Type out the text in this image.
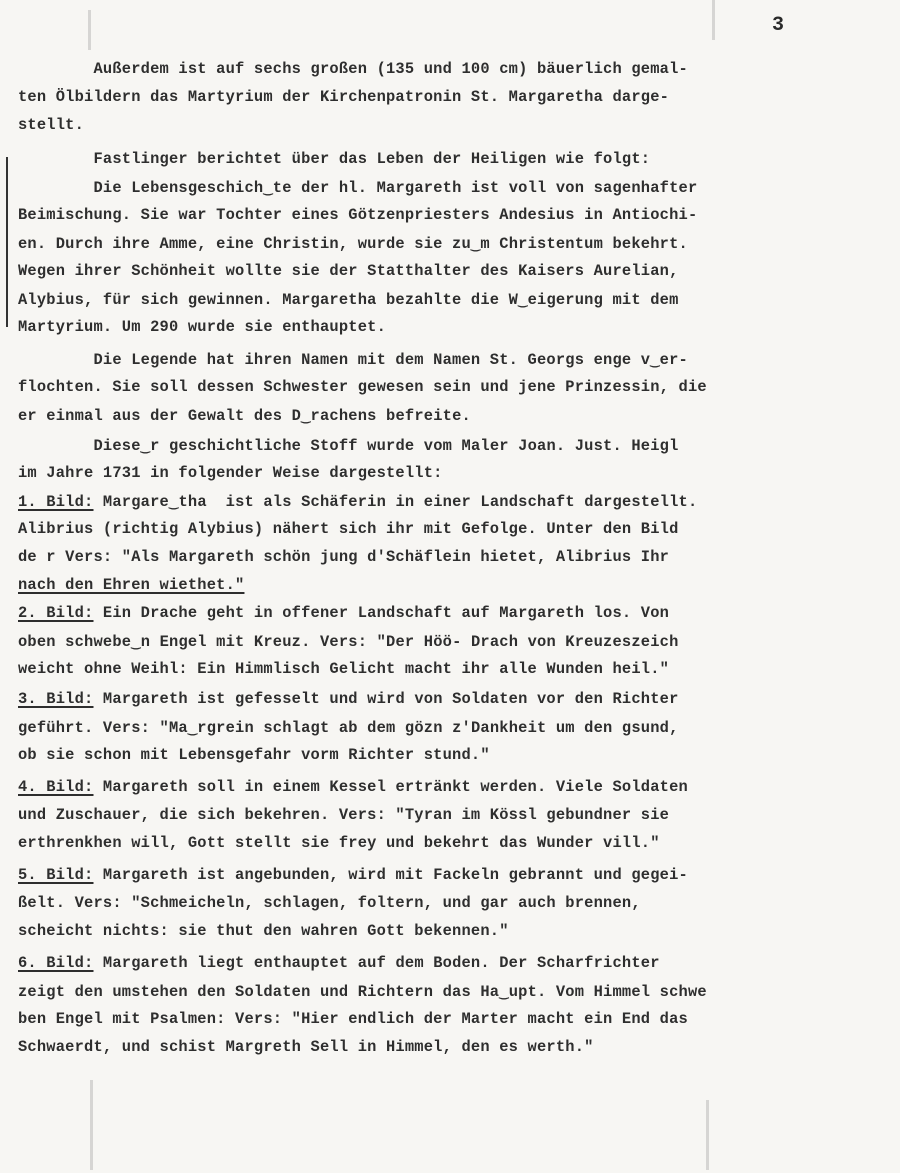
3
Außerdem ist auf sechs großen (135 und 100 cm) bäuerlich gemal-
ten Ölbildern das Martyrium der Kirchenpatronin St. Margaretha darge-
stellt.
Fastlinger berichtet über das Leben der Heiligen wie folgt:
Die Lebensgeschich‿te der hl. Margareth ist voll von sagenhafter
Beimischung. Sie war Tochter eines Götzenpriesters Andesius in Antiochi-
en. Durch ihre Amme, eine Christin, wurde sie zu‿m Christentum bekehrt.
Wegen ihrer Schönheit wollte sie der Statthalter des Kaisers Aurelian,
Alybius, für sich gewinnen. Margaretha bezahlte die W‿eigerung mit dem
Martyrium. Um 290 wurde sie enthauptet.
Die Legende hat ihren Namen mit dem Namen St. Georgs enge v‿er-
flochten. Sie soll dessen Schwester gewesen sein und jene Prinzessin, die
er einmal aus der Gewalt des D‿rachens befreite.
Diese‿r geschichtliche Stoff wurde vom Maler Joan. Just. Heigl
im Jahre 1731 in folgender Weise dargestellt:
1. Bild: Margare‿tha  ist als Schäferin in einer Landschaft dargestellt.
Alibrius (richtig Alybius) nähert sich ihr mit Gefolge. Unter den Bild
de r Vers: "Als Margareth schön jung d'Schäflein hietet, Alibrius Ihr
nach den Ehren wiethet."
2. Bild: Ein Drache geht in offener Landschaft auf Margareth los. Von
oben schwebe‿n Engel mit Kreuz. Vers: "Der Höö- Drach von Kreuzeszeich
weicht ohne Weihl: Ein Himmlisch Gelicht macht ihr alle Wunden heil."
3. Bild: Margareth ist gefesselt und wird von Soldaten vor den Richter
geführt. Vers: "Ma‿rgrein schlagt ab dem gözn z'Dankheit um den gsund,
ob sie schon mit Lebensgefahr vorm Richter stund."
4. Bild: Margareth soll in einem Kessel ertränkt werden. Viele Soldaten
und Zuschauer, die sich bekehren. Vers: "Tyran im Kössl gebundner sie
erthrenkhen will, Gott stellt sie frey und bekehrt das Wunder vill."
5. Bild: Margareth ist angebunden, wird mit Fackeln gebrannt und gegei-
ßelt. Vers: "Schmeicheln, schlagen, foltern, und gar auch brennen,
scheicht nichts: sie thut den wahren Gott bekennen."
6. Bild: Margareth liegt enthauptet auf dem Boden. Der Scharfrichter
zeigt den umstehen den Soldaten und Richtern das Ha‿upt. Vom Himmel schwe
ben Engel mit Psalmen: Vers: "Hier endlich der Marter macht ein End das
Schwaerdt, und schist Margreth Sell in Himmel, den es werth."
